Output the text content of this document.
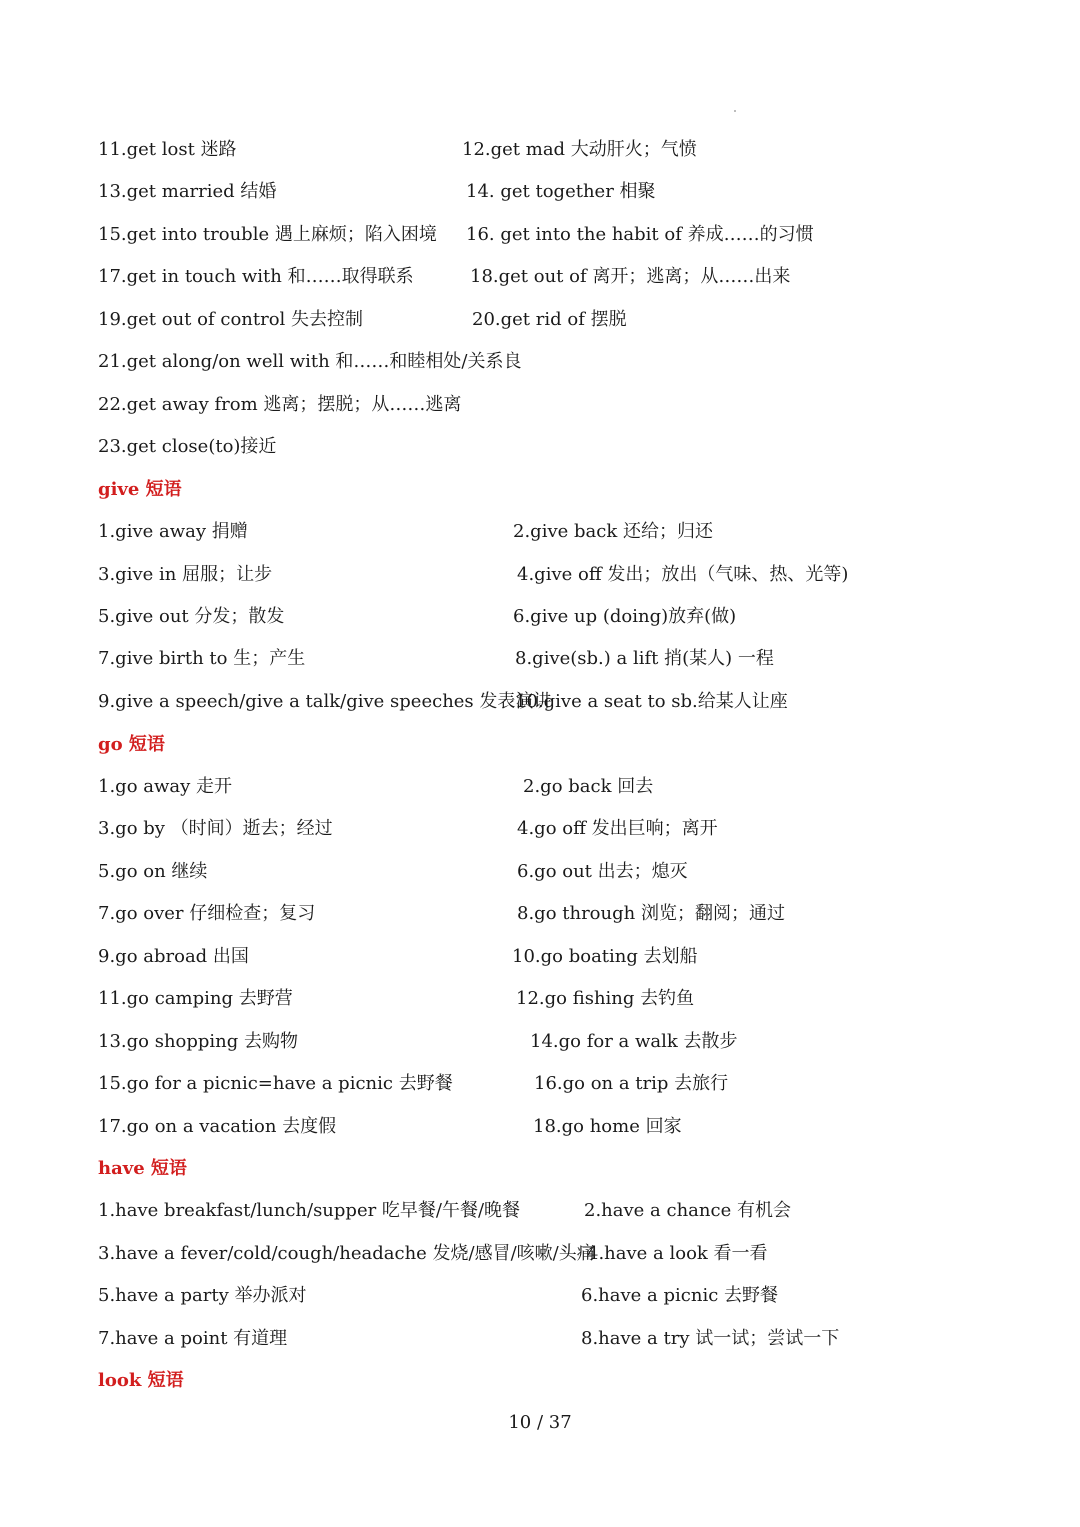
11.get lost 迷路	12.get mad 大动肝火；气愤
13.get married 结婚	14. get together 相聚
15.get into trouble 遇上麻烦；陷入困境 16. get into the habit of 养成……的习惯
17.get in touch with 和……取得联系	18.get out of 离开；逃离；从……出来
19.get out of control 失去控制	20.get rid of 摆脱
21.get along/on well with 和……和睦相处/关系良
22.get away from 逃离；摆脱；从……逃离
23.get close(to)接近
give 短语
1.give away 捐赠	2.give back 还给；归还
3.give in 屈服；让步	4.give off 发出；放出（气味、热、光等)
5.give out 分发；散发	6.give up (doing)放弃(做)
7.give birth to 生；产生	8.give(sb.) a lift 捎(某人) 一程
9.give a speech/give a talk/give speeches 发表演讲
10.give a seat to sb.给某人让座
go 短语
1.go away 走开	2.go back 回去
3.go by （时间）逝去；经过	4.go off 发出巨响；离开
5.go on 继续	6.go out 出去；熄灭
7.go over 仔细检查；复习	8.go through 浏览；翻阅；通过
9.go abroad 出国	10.go boating 去划船
11.go camping 去野营	12.go fishing 去钓鱼
13.go shopping 去购物	14.go for a walk 去散步
15.go for a picnic=have a picnic 去野餐	16.go on a trip 去旅行
17.go on a vacation 去度假	18.go home 回家
have 短语
1.have breakfast/lunch/supper 吃早餐/午餐/晚餐	2.have a chance 有机会
3.have a fever/cold/cough/headache 发烧/感冒/咳嗽/头痛
4.have a look 看一看
5.have a party 举办派对	6.have a picnic 去野餐
7.have a point 有道理	8.have a try 试一试；尝试一下
look 短语
10 / 37
